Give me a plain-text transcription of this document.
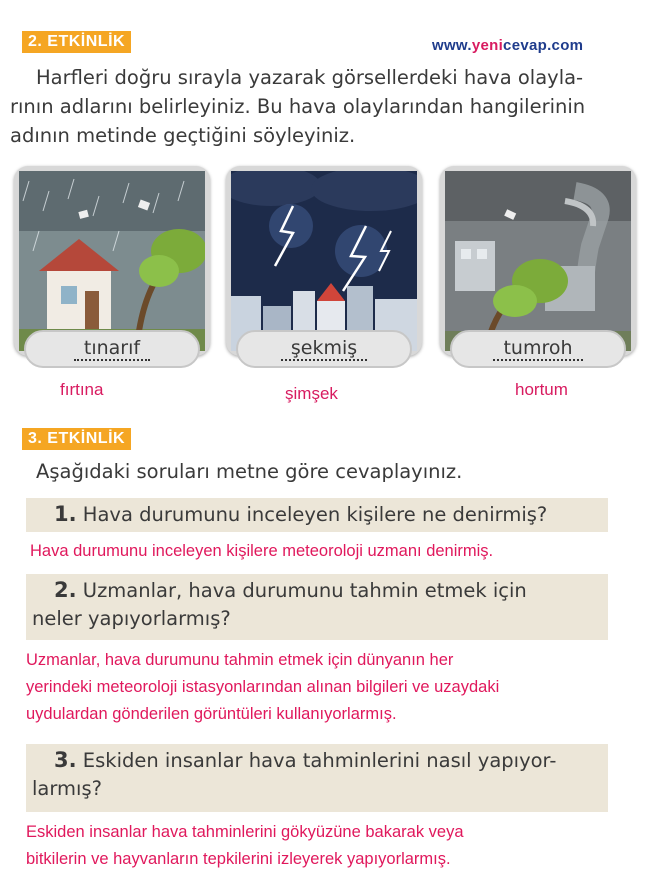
2. ETKİNLİK	www.yenicevap.com
Harfleri doğru sırayla yazarak görsellerdeki hava olayla-
rının adlarını belirleyiniz. Bu hava olaylarından hangilerinin
adının metinde geçtiğini söyleyiniz.
tınarıf
fırtına
şekmiş
şimşek
tumroh
hortum
3. ETKİNLİK
Aşağıdaki soruları metne göre cevaplayınız.
1. Hava durumunu inceleyen kişilere ne denirmiş?
Hava durumunu inceleyen kişilere meteoroloji uzmanı denirmiş.
2. Uzmanlar, hava durumunu tahmin etmek için
neler yapıyorlarmış?
Uzmanlar, hava durumunu tahmin etmek için dünyanın her
yerindeki meteoroloji istasyonlarından alınan bilgileri ve uzaydaki
uydulardan gönderilen görüntüleri kullanıyorlarmış.
3. Eskiden insanlar hava tahminlerini nasıl yapıyor-
larmış?
Eskiden insanlar hava tahminlerini gökyüzüne bakarak veya
bitkilerin ve hayvanların tepkilerini izleyerek yapıyorlarmış.
